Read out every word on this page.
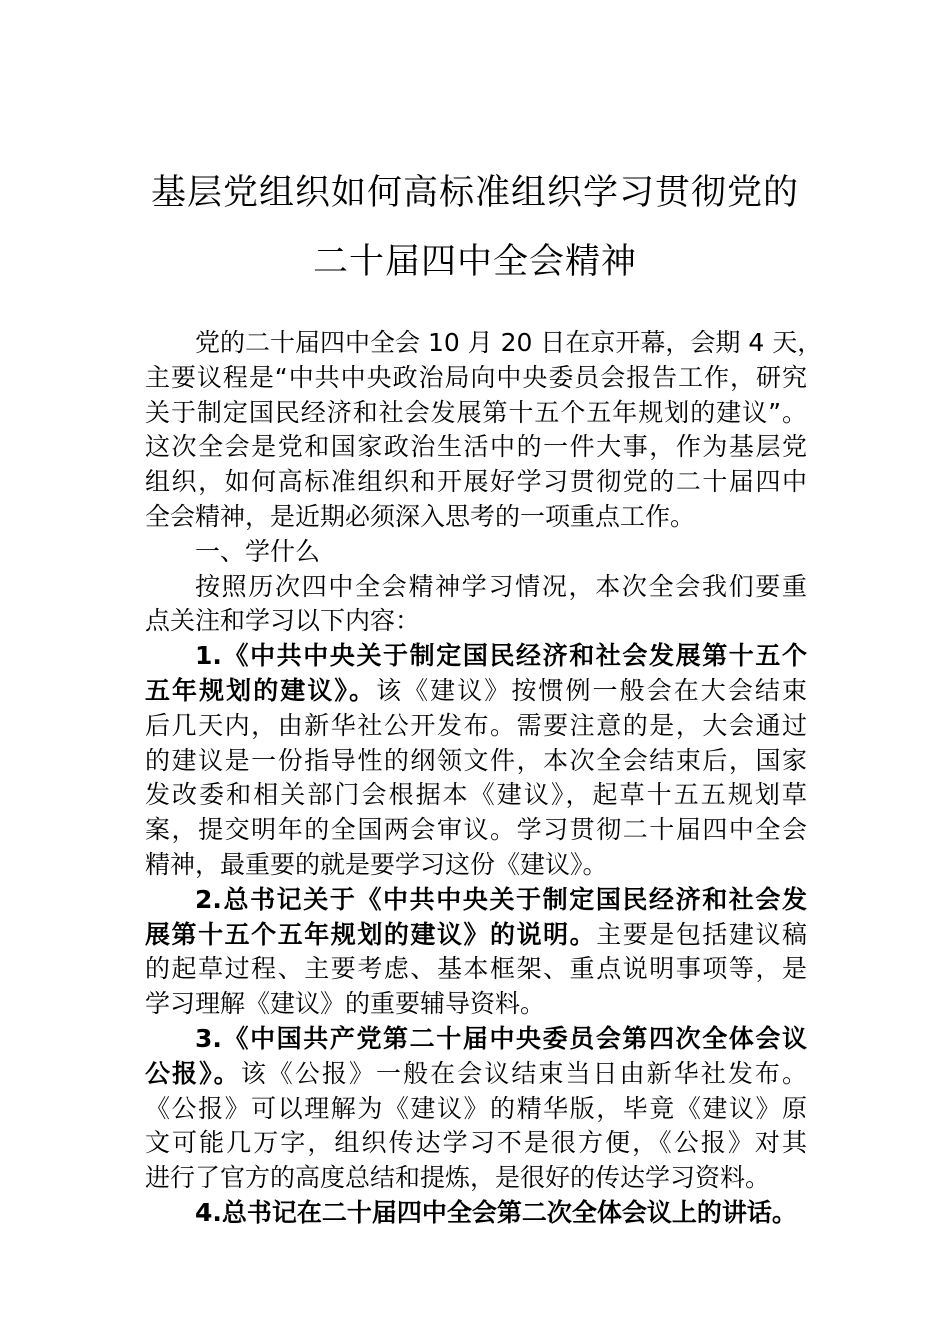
基层党组织如何高标准组织学习贯彻党的
二十届四中全会精神
党的二十届四中全会 10 月 20 日在京开幕，会期 4 天，
主要议程是“中共中央政治局向中央委员会报告工作，研究
关于制定国民经济和社会发展第十五个五年规划的建议”。
这次全会是党和国家政治生活中的一件大事，作为基层党
组织，如何高标准组织和开展好学习贯彻党的二十届四中
全会精神，是近期必须深入思考的一项重点工作。
一、学什么
按照历次四中全会精神学习情况，本次全会我们要重
点关注和学习以下内容：
1.《中共中央关于制定国民经济和社会发展第十五个
五年规划的建议》。该《建议》按惯例一般会在大会结束
后几天内，由新华社公开发布。需要注意的是，大会通过
的建议是一份指导性的纲领文件，本次全会结束后，国家
发改委和相关部门会根据本《建议》，起草十五五规划草
案，提交明年的全国两会审议。学习贯彻二十届四中全会
精神，最重要的就是要学习这份《建议》。
2.总书记关于《中共中央关于制定国民经济和社会发
展第十五个五年规划的建议》的说明。主要是包括建议稿
的起草过程、主要考虑、基本框架、重点说明事项等，是
学习理解《建议》的重要辅导资料。
3.《中国共产党第二十届中央委员会第四次全体会议
公报》。该《公报》一般在会议结束当日由新华社发布。
《公报》可以理解为《建议》的精华版，毕竟《建议》原
文可能几万字，组织传达学习不是很方便，《公报》对其
进行了官方的高度总结和提炼，是很好的传达学习资料。
4.总书记在二十届四中全会第二次全体会议上的讲话。
